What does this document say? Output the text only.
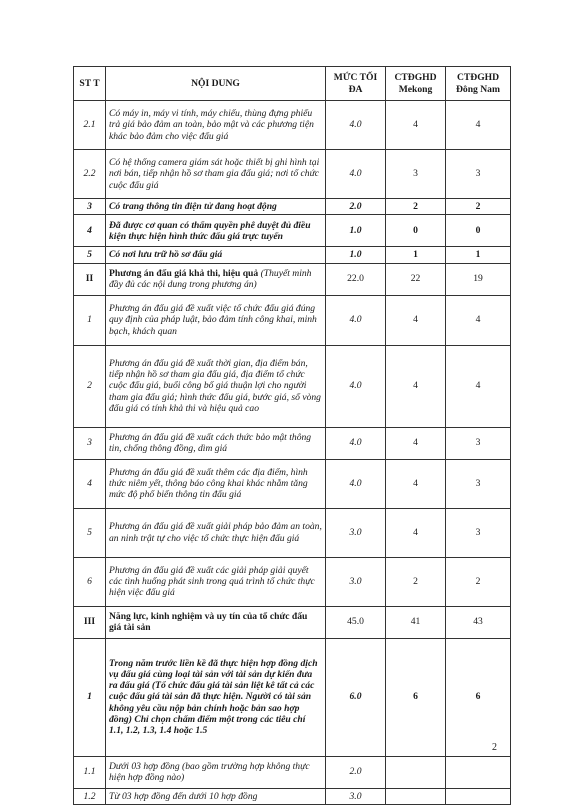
ST T	NỘI DUNG	MỨC TỐI ĐA	CTĐGHD Mekong	CTĐGHD Đông Nam
2.1	Có máy in, máy vi tính, máy chiếu, thùng đựng phiếu trả giá bảo đảm an toàn, bảo mật và các phương tiện khác bảo đảm cho việc đấu giá	4.0	4	4
2.2	Có hệ thống camera giám sát hoặc thiết bị ghi hình tại nơi bán, tiếp nhận hồ sơ tham gia đấu giá; nơi tổ chức cuộc đấu giá	4.0	3	3
3	Có trang thông tin điện tử đang hoạt động	2.0	2	2
4	Đã được cơ quan có thẩm quyền phê duyệt đủ điều kiện thực hiện hình thức đấu giá trực tuyến	1.0	0	0
5	Có nơi lưu trữ hồ sơ đấu giá	1.0	1	1
II	Phương án đấu giá khả thi, hiệu quả (Thuyết minh đầy đủ các nội dung trong phương án)	22.0	22	19
1	Phương án đấu giá đề xuất việc tổ chức đấu giá đúng quy định của pháp luật, bảo đảm tính công khai, minh bạch, khách quan	4.0	4	4
2	Phương án đấu giá đề xuất thời gian, địa điểm bán, tiếp nhận hồ sơ tham gia đấu giá, địa điểm tổ chức cuộc đấu giá, buổi công bố giá thuận lợi cho người tham gia đấu giá; hình thức đấu giá, bước giá, số vòng đấu giá có tính khả thi và hiệu quả cao	4.0	4	4
3	Phương án đấu giá đề xuất cách thức bảo mật thông tin, chống thông đồng, dìm giá	4.0	4	3
4	Phương án đấu giá đề xuất thêm các địa điểm, hình thức niêm yết, thông báo công khai khác nhằm tăng mức độ phổ biến thông tin đấu giá	4.0	4	3
5	Phương án đấu giá đề xuất giải pháp bảo đảm an toàn, an ninh trật tự cho việc tổ chức thực hiện đấu giá	3.0	4	3
6	Phương án đấu giá đề xuất các giải pháp giải quyết các tình huống phát sinh trong quá trình tổ chức thực hiện việc đấu giá	3.0	2	2
III	Năng lực, kinh nghiệm và uy tín của tổ chức đấu giá tài sản	45.0	41	43
1	Trong năm trước liền kề đã thực hiện hợp đồng dịch vụ đấu giá cùng loại tài sản với tài sản dự kiến đưa ra đấu giá (Tổ chức đấu giá tài sản liệt kê tất cả các cuộc đấu giá tài sản đã thực hiện. Người có tài sản không yêu cầu nộp bản chính hoặc bản sao hợp đồng) Chỉ chọn chấm điểm một trong các tiêu chí 1.1, 1.2, 1.3, 1.4 hoặc 1.5	6.0	6	6
1.1	Dưới 03 hợp đồng (bao gồm trường hợp không thực hiện hợp đồng nào)	2.0		
1.2	Từ 03 hợp đồng đến dưới 10 hợp đồng	3.0		
2
